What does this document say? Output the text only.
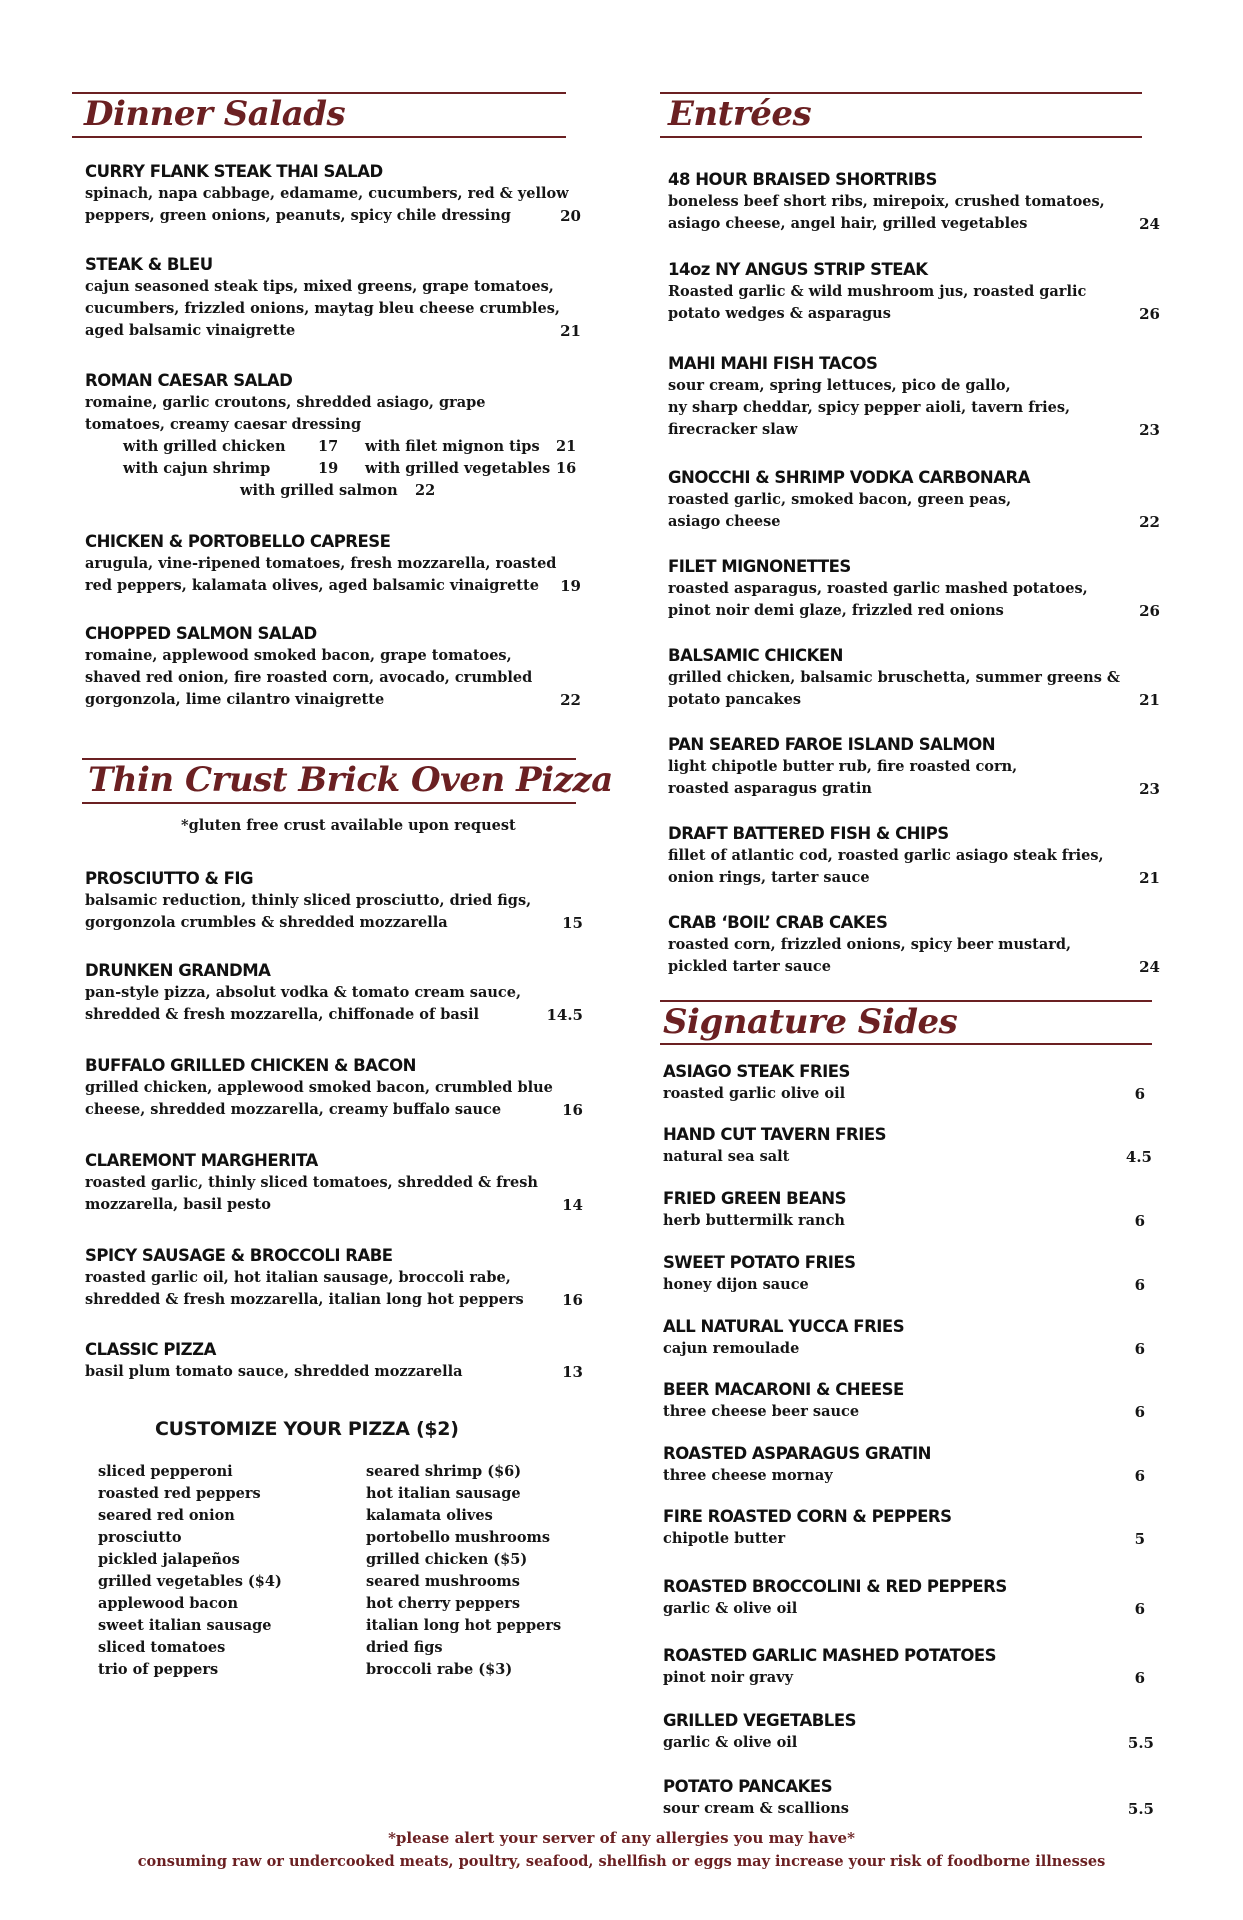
Dinner Salads
CURRY FLANK STEAK THAI SALAD
spinach, napa cabbage, edamame, cucumbers, red & yellow
peppers, green onions, peanuts, spicy chile dressing	20
STEAK & BLEU
cajun seasoned steak tips, mixed greens, grape tomatoes,
cucumbers, frizzled onions, maytag bleu cheese crumbles,
aged balsamic vinaigrette	21
ROMAN CAESAR SALAD
romaine, garlic croutons, shredded asiago, grape
tomatoes, creamy caesar dressing
with grilled chicken 17 with filet mignon tips 21
with cajun shrimp	19 with grilled vegetables 16
with grilled salmon 22
CHICKEN & PORTOBELLO CAPRESE
arugula, vine-ripened tomatoes, fresh mozzarella, roasted
red peppers, kalamata olives, aged balsamic vinaigrette	19
CHOPPED SALMON SALAD
romaine, applewood smoked bacon, grape tomatoes,
shaved red onion, fire roasted corn, avocado, crumbled
gorgonzola, lime cilantro vinaigrette	22
Thin Crust Brick Oven Pizza
*gluten free crust available upon request
PROSCIUTTO & FIG
balsamic reduction, thinly sliced prosciutto, dried figs,
gorgonzola crumbles & shredded mozzarella	15
DRUNKEN GRANDMA
pan-style pizza, absolut vodka & tomato cream sauce,
shredded & fresh mozzarella, chiffonade of basil	14.5
BUFFALO GRILLED CHICKEN & BACON
grilled chicken, applewood smoked bacon, crumbled blue
cheese, shredded mozzarella, creamy buffalo sauce	16
CLAREMONT MARGHERITA
roasted garlic, thinly sliced tomatoes, shredded & fresh
mozzarella, basil pesto	14
SPICY SAUSAGE & BROCCOLI RABE
roasted garlic oil, hot italian sausage, broccoli rabe,
shredded & fresh mozzarella, italian long hot peppers	16
CLASSIC PIZZA
basil plum tomato sauce, shredded mozzarella	13
CUSTOMIZE YOUR PIZZA ($2)
sliced pepperoni
roasted red peppers
seared red onion
prosciutto
pickled jalapeños
grilled vegetables ($4)
applewood bacon
sweet italian sausage
sliced tomatoes
trio of peppers
seared shrimp ($6)
hot italian sausage
kalamata olives
portobello mushrooms
grilled chicken ($5)
seared mushrooms
hot cherry peppers
italian long hot peppers
dried figs
broccoli rabe ($3)
Entrées
48 HOUR BRAISED SHORTRIBS
boneless beef short ribs, mirepoix, crushed tomatoes,
asiago cheese, angel hair, grilled vegetables	24
14oz NY ANGUS STRIP STEAK
Roasted garlic & wild mushroom jus, roasted garlic
potato wedges & asparagus	26
MAHI MAHI FISH TACOS
sour cream, spring lettuces, pico de gallo,
ny sharp cheddar, spicy pepper aioli, tavern fries,
firecracker slaw	23
GNOCCHI & SHRIMP VODKA CARBONARA
roasted garlic, smoked bacon, green peas,
asiago cheese	22
FILET MIGNONETTES
roasted asparagus, roasted garlic mashed potatoes,
pinot noir demi glaze, frizzled red onions	26
BALSAMIC CHICKEN
grilled chicken, balsamic bruschetta, summer greens &
potato pancakes	21
PAN SEARED FAROE ISLAND SALMON
light chipotle butter rub, fire roasted corn,
roasted asparagus gratin	23
DRAFT BATTERED FISH & CHIPS
fillet of atlantic cod, roasted garlic asiago steak fries,
onion rings, tarter sauce	21
CRAB ‘BOIL’ CRAB CAKES
roasted corn, frizzled onions, spicy beer mustard,
pickled tarter sauce	24
Signature Sides
ASIAGO STEAK FRIES
roasted garlic olive oil	6
HAND CUT TAVERN FRIES
natural sea salt	4.5
FRIED GREEN BEANS
herb buttermilk ranch	6
SWEET POTATO FRIES
honey dijon sauce	6
ALL NATURAL YUCCA FRIES
cajun remoulade	6
BEER MACARONI & CHEESE
three cheese beer sauce	6
ROASTED ASPARAGUS GRATIN
three cheese mornay	6
FIRE ROASTED CORN & PEPPERS
chipotle butter	5
ROASTED BROCCOLINI & RED PEPPERS
garlic & olive oil	6
ROASTED GARLIC MASHED POTATOES
pinot noir gravy	6
GRILLED VEGETABLES
garlic & olive oil	5.5
POTATO PANCAKES
sour cream & scallions	5.5
*please alert your server of any allergies you may have*
consuming raw or undercooked meats, poultry, seafood, shellfish or eggs may increase your risk of foodborne illnesses
